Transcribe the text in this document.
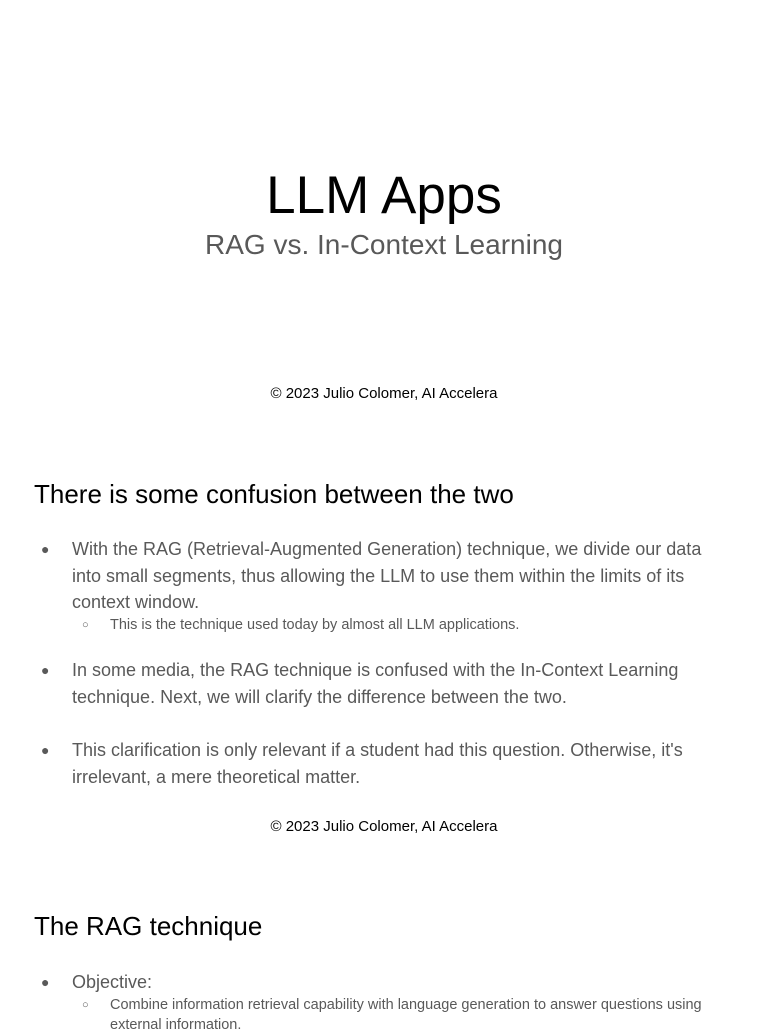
LLM Apps
RAG vs. In-Context Learning
© 2023 Julio Colomer, AI Accelera
There is some confusion between the two
● With the RAG (Retrieval-Augmented Generation) technique, we divide our data into small segments, thus allowing the LLM to use them within the limits of its context window.
○ This is the technique used today by almost all LLM applications.
● In some media, the RAG technique is confused with the In-Context Learning technique. Next, we will clarify the difference between the two.
● This clarification is only relevant if a student had this question. Otherwise, it's irrelevant, a mere theoretical matter.
© 2023 Julio Colomer, AI Accelera
The RAG technique
● Objective:
○ Combine information retrieval capability with language generation to answer questions using external information.
